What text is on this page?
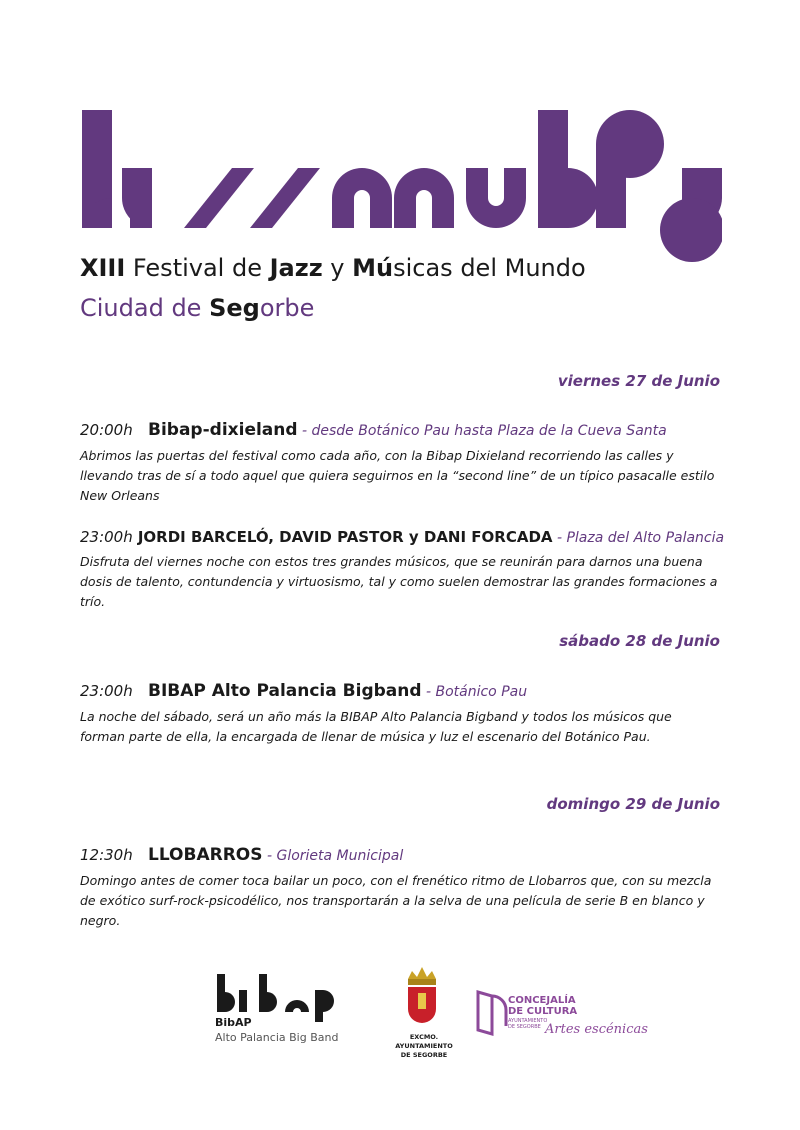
XIII Festival de Jazz y Músicas del Mundo
Ciudad de Segorbe
viernes 27 de Junio
20:00h Bibap-dixieland - desde Botánico Pau hasta Plaza de la Cueva Santa
Abrimos las puertas del festival como cada año, con la Bibap Dixieland recorriendo las calles y llevando tras de sí a todo aquel que quiera seguirnos en la “second line” de un típico pasacalle estilo New Orleans
23:00h JORDI BARCELÓ, DAVID PASTOR y DANI FORCADA - Plaza del Alto Palancia
Disfruta del viernes noche con estos tres grandes músicos, que se reunirán para darnos una buena dosis de talento, contundencia y virtuosismo, tal y como suelen demostrar las grandes formaciones a trío.
sábado 28 de Junio
23:00h BIBAP Alto Palancia Bigband - Botánico Pau
La noche del sábado, será un año más la BIBAP Alto Palancia Bigband y todos los músicos que forman parte de ella, la encargada de llenar de música y luz el escenario del Botánico Pau.
domingo 29 de Junio
12:30h LLOBARROS - Glorieta Municipal
Domingo antes de comer toca bailar un poco, con el frenético ritmo de Llobarros que, con su mezcla de exótico surf-rock-psicodélico, nos transportarán a la selva de una película de serie B en blanco y negro.
BibAP
Alto Palancia Big Band	EXCMO. AYUNTAMIENTO
DE SEGORBE
CONCEJALÍA
DE CULTURA
AYUNTAMIENTO
DE SEGORBE Artes escénicas
